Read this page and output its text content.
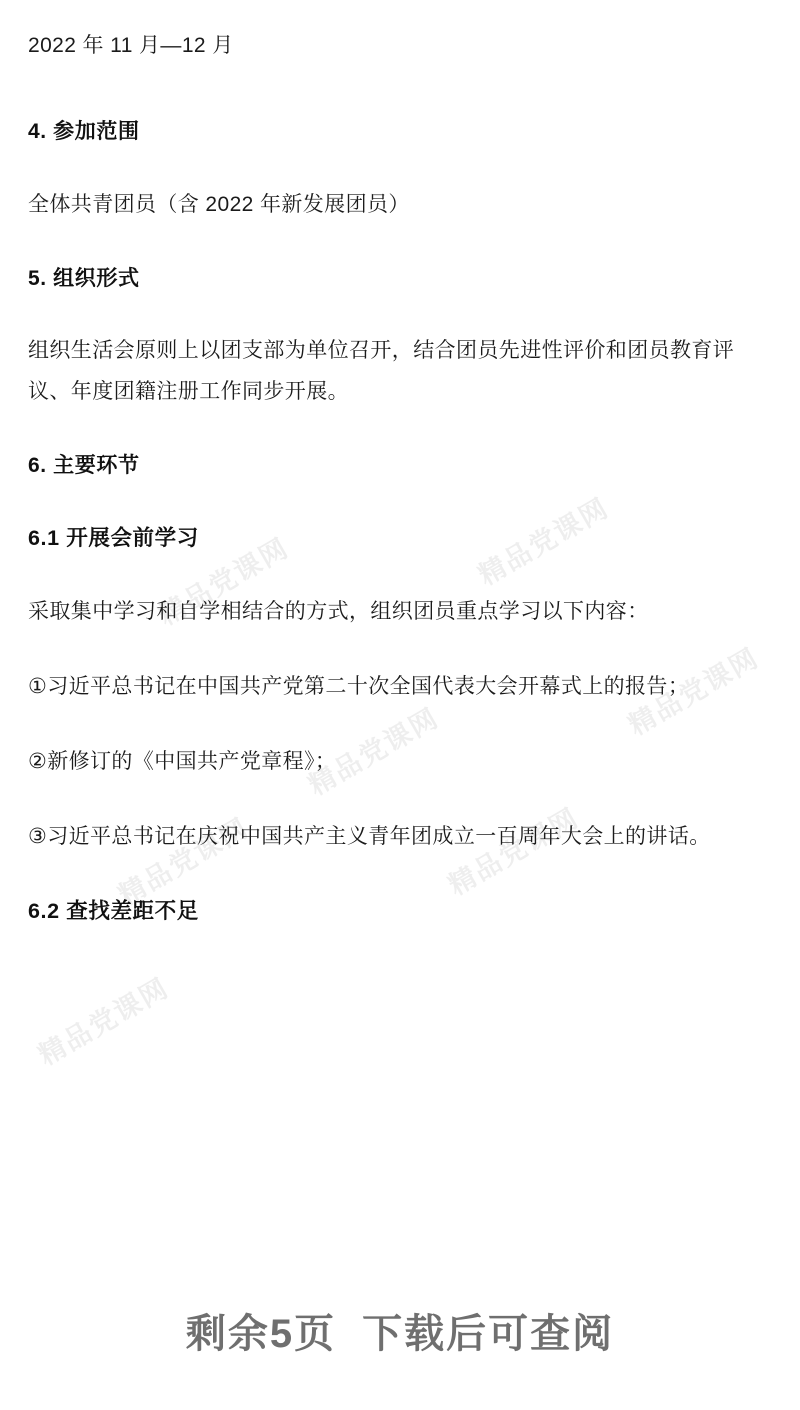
精品党课网	精品党课网
精品党课网
精品党课网	精品党课网
精品党课网
精品党课网

2022 年 11 月—12 月

4. 参加范围

全体共青团员（含 2022 年新发展团员）

5. 组织形式

组织生活会原则上以团支部为单位召开，结合团员先进性评价和团员教育评议、年度团籍注册工作同步开展。

6. 主要环节
6.1 开展会前学习

采取集中学习和自学相结合的方式，组织团员重点学习以下内容：

①习近平总书记在中国共产党第二十次全国代表大会开幕式上的报告；

②新修订的《中国共产党章程》；

③习近平总书记在庆祝中国共产主义青年团成立一百周年大会上的讲话。

6.2 查找差距不足
剩余5页 下载后可查阅
